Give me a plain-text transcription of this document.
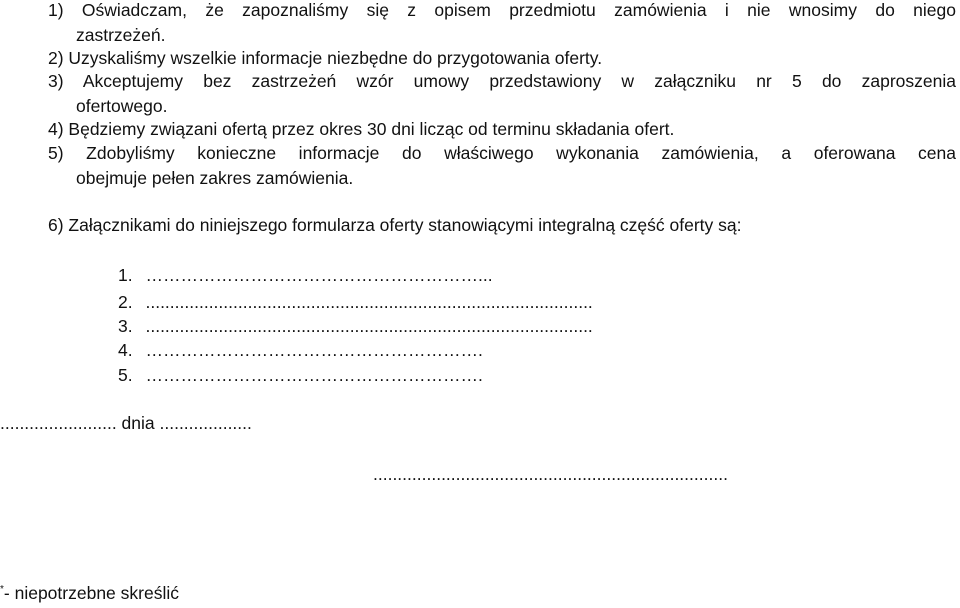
1) Oświadczam, że zapoznaliśmy się z opisem przedmiotu zamówienia i nie wnosimy do niego
zastrzeżeń.
2) Uzyskaliśmy wszelkie informacje niezbędne do przygotowania oferty.
3) Akceptujemy bez zastrzeżeń wzór umowy przedstawiony w załączniku nr 5 do zaproszenia
ofertowego.
4) Będziemy związani ofertą przez okres 30 dni licząc od terminu składania ofert.
5) Zdobyliśmy konieczne informacje do właściwego wykonania zamówienia, a oferowana cena
obejmuje pełen zakres zamówienia.
6) Załącznikami do niniejszego formularza oferty stanowiącymi integralną część oferty są:
1. …………………………………………………...
2. ............................................................................................
3. ............................................................................................
4. ………………………………………………….
5. ………………………………………………….
........................ dnia ...................
.........................................................................
*- niepotrzebne skreślić
